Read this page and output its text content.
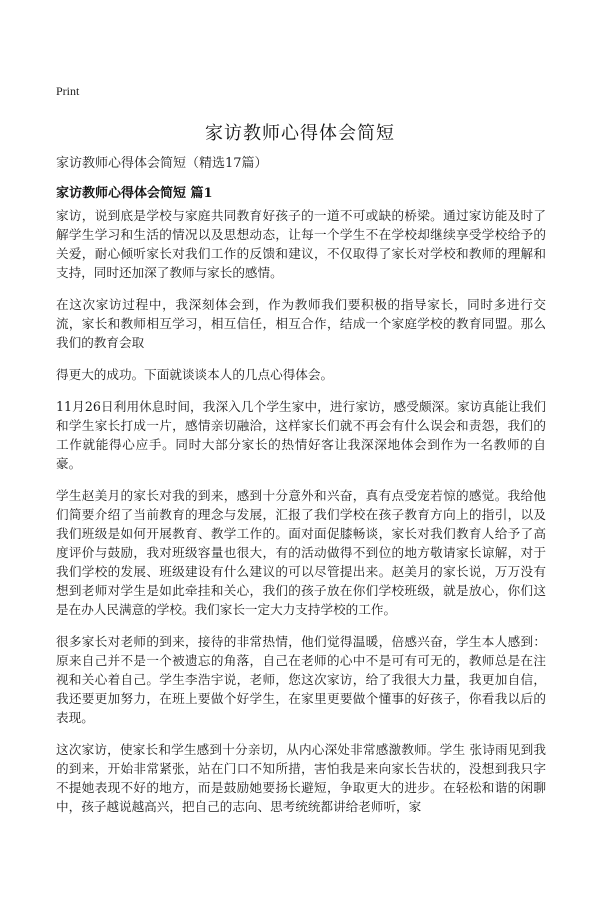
Print
家访教师心得体会简短
家访教师心得体会简短（精选17篇）
家访教师心得体会简短 篇1

家访，说到底是学校与家庭共同教育好孩子的一道不可或缺的桥梁。通过家访能及时了解学生学习和生活的情况以及思想动态，让每一个学生不在学校却继续享受学校给予的关爱，耐心倾听家长对我们工作的反馈和建议，不仅取得了家长对学校和教师的理解和支持，同时还加深了教师与家长的感情。

在这次家访过程中，我深刻体会到，作为教师我们要积极的指导家长，同时多进行交流，家长和教师相互学习，相互信任，相互合作，结成一个家庭学校的教育同盟。那么我们的教育会取

得更大的成功。下面就谈谈本人的几点心得体会。

11月26日利用休息时间，我深入几个学生家中，进行家访，感受颇深。家访真能让我们和学生家长打成一片，感情亲切融洽，这样家长们就不再会有什么误会和责怨，我们的工作就能得心应手。同时大部分家长的热情好客让我深深地体会到作为一名教师的自豪。

学生赵美月的家长对我的到来，感到十分意外和兴奋，真有点受宠若惊的感觉。我给他们简要介绍了当前教育的理念与发展，汇报了我们学校在孩子教育方向上的指引，以及我们班级是如何开展教育、教学工作的。面对面促膝畅谈，家长对我们教育人给予了高度评价与鼓励，我对班级容量也很大，有的活动做得不到位的地方敬请家长谅解，对于我们学校的发展、班级建设有什么建议的可以尽管提出来。赵美月的家长说，万万没有想到老师对学生是如此牵挂和关心，我们的孩子放在你们学校班级，就是放心，你们这是在办人民满意的学校。我们家长一定大力支持学校的工作。

很多家长对老师的到来，接待的非常热情，他们觉得温暖，倍感兴奋，学生本人感到：原来自己并不是一个被遗忘的角落，自己在老师的心中不是可有可无的，教师总是在注视和关心着自己。学生李浩宇说，老师，您这次家访，给了我很大力量，我更加自信，我还要更加努力，在班上要做个好学生，在家里更要做个懂事的好孩子，你看我以后的表现。

这次家访，使家长和学生感到十分亲切，从内心深处非常感激教师。学生 张诗雨见到我的到来，开始非常紧张，站在门口不知所措，害怕我是来向家长告状的，没想到我只字不提她表现不好的地方，而是鼓励她要扬长避短，争取更大的进步。在轻松和谐的闲聊中，孩子越说越高兴，把自己的志向、思考统统都讲给老师听，家
